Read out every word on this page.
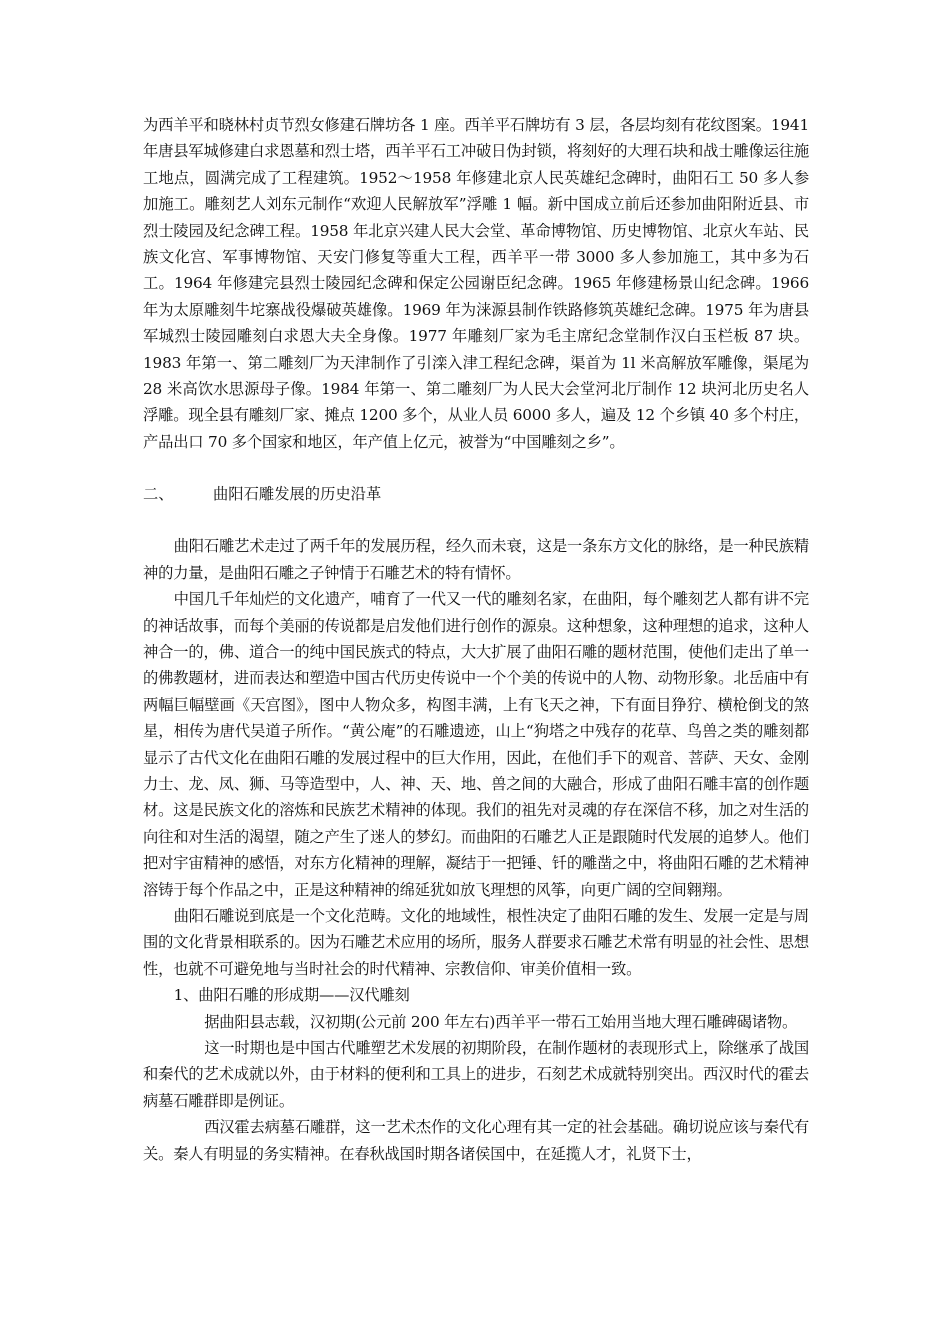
为西羊平和晓林村贞节烈女修建石牌坊各 1 座。西羊平石牌坊有 3 层，各层均刻有花纹图案。1941 年唐县军城修建白求恩墓和烈士塔，西羊平石工冲破日伪封锁，将刻好的大理石块和战士雕像运往施工地点，圆满完成了工程建筑。1952～1958 年修建北京人民英雄纪念碑时，曲阳石工 50 多人参加施工。雕刻艺人刘东元制作“欢迎人民解放军”浮雕 1 幅。新中国成立前后还参加曲阳附近县、市烈士陵园及纪念碑工程。1958 年北京兴建人民大会堂、革命博物馆、历史博物馆、北京火车站、民族文化宫、军事博物馆、天安门修复等重大工程，西羊平一带 3000 多人参加施工，其中多为石工。1964 年修建完县烈士陵园纪念碑和保定公园谢臣纪念碑。1965 年修建杨景山纪念碑。1966 年为太原雕刻牛坨寨战役爆破英雄像。1969 年为涞源县制作铁路修筑英雄纪念碑。1975 年为唐县军城烈士陵园雕刻白求恩大夫全身像。1977 年雕刻厂家为毛主席纪念堂制作汉白玉栏板 87 块。1983 年第一、第二雕刻厂为天津制作了引滦入津工程纪念碑，渠首为 1l 米高解放军雕像，渠尾为 28 米高饮水思源母子像。1984 年第一、第二雕刻厂为人民大会堂河北厅制作 12 块河北历史名人浮雕。现全县有雕刻厂家、摊点 1200 多个，从业人员 6000 多人，遍及 12 个乡镇 40 多个村庄，产品出口 70 多个国家和地区，年产值上亿元，被誉为“中国雕刻之乡”。

二、	曲阳石雕发展的历史沿革

曲阳石雕艺术走过了两千年的发展历程，经久而未衰，这是一条东方文化的脉络，是一种民族精神的力量，是曲阳石雕之子钟情于石雕艺术的特有情怀。

中国几千年灿烂的文化遗产，哺育了一代又一代的雕刻名家，在曲阳，每个雕刻艺人都有讲不完的神话故事，而每个美丽的传说都是启发他们进行创作的源泉。这种想象，这种理想的追求，这种人神合一的，佛、道合一的纯中国民族式的特点，大大扩展了曲阳石雕的题材范围，使他们走出了单一的佛教题材，进而表达和塑造中国古代历史传说中一个个美的传说中的人物、动物形象。北岳庙中有两幅巨幅壁画《天宫图》，图中人物众多，构图丰满，上有飞天之神，下有面目狰狞、横枪倒戈的煞星，相传为唐代吴道子所作。“黄公庵”的石雕遗迹，山上“狗塔之中残存的花草、鸟兽之类的雕刻都显示了古代文化在曲阳石雕的发展过程中的巨大作用，因此，在他们手下的观音、菩萨、天女、金刚力士、龙、凤、狮、马等造型中，人、神、天、地、兽之间的大融合，形成了曲阳石雕丰富的创作题材。这是民族文化的溶炼和民族艺术精神的体现。我们的祖先对灵魂的存在深信不移，加之对生活的向往和对生活的渴望，随之产生了迷人的梦幻。而曲阳的石雕艺人正是跟随时代发展的追梦人。他们把对宇宙精神的感悟，对东方化精神的理解，凝结于一把锤、钎的雕凿之中，将曲阳石雕的艺术精神溶铸于每个作品之中，正是这种精神的绵延犹如放飞理想的风筝，向更广阔的空间翱翔。

曲阳石雕说到底是一个文化范畴。文化的地域性，根性决定了曲阳石雕的发生、发展一定是与周围的文化背景相联系的。因为石雕艺术应用的场所，服务人群要求石雕艺术常有明显的社会性、思想性，也就不可避免地与当时社会的时代精神、宗教信仰、审美价值相一致。

1、曲阳石雕的形成期——汉代雕刻

据曲阳县志载，汉初期(公元前 200 年左右)西羊平一带石工始用当地大理石雕碑碣诸物。

这一时期也是中国古代雕塑艺术发展的初期阶段，在制作题材的表现形式上，除继承了战国和秦代的艺术成就以外，由于材料的便利和工具上的进步，石刻艺术成就特别突出。西汉时代的霍去病墓石雕群即是例证。

西汉霍去病墓石雕群，这一艺术杰作的文化心理有其一定的社会基础。确切说应该与秦代有关。秦人有明显的务实精神。在春秋战国时期各诸侯国中，在延揽人才，礼贤下士，
